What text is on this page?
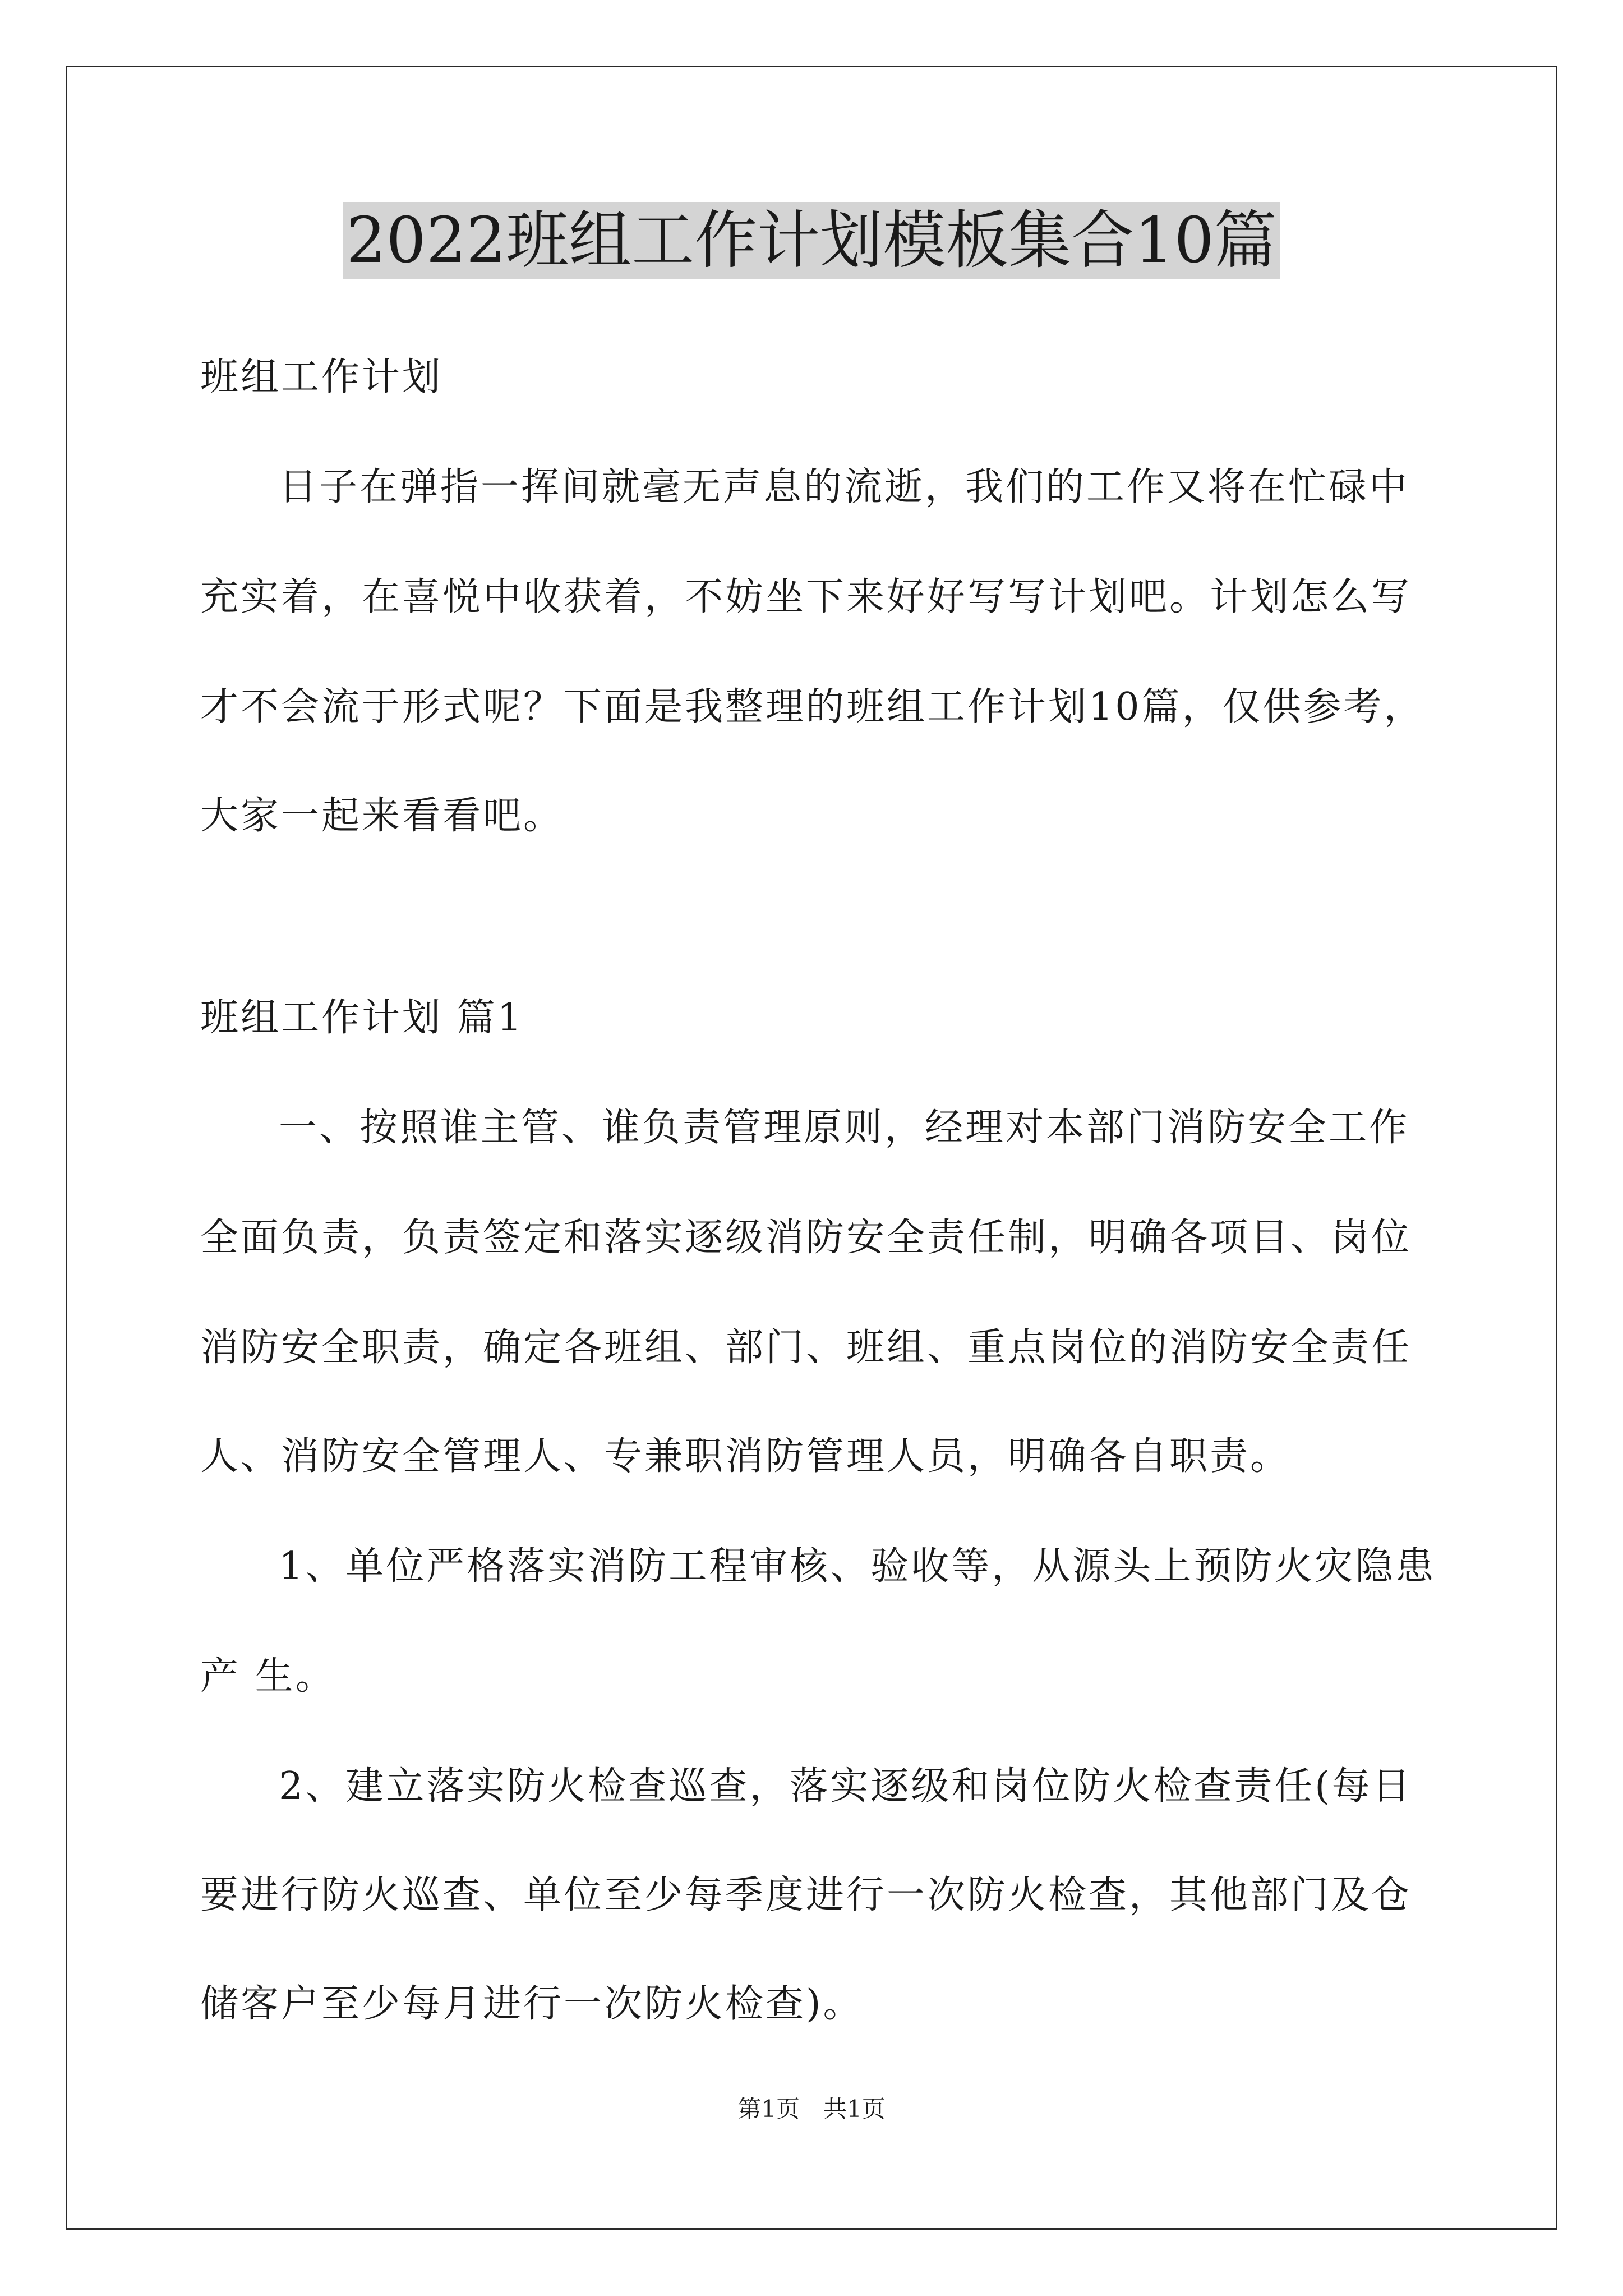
2022班组工作计划模板集合10篇
班组工作计划
日子在弹指一挥间就毫无声息的流逝，我们的工作又将在忙碌中
充实着，在喜悦中收获着，不妨坐下来好好写写计划吧。计划怎么写
才不会流于形式呢？下面是我整理的班组工作计划10篇，仅供参考，
大家一起来看看吧。
班组工作计划 篇1
一、按照谁主管、谁负责管理原则，经理对本部门消防安全工作
全面负责，负责签定和落实逐级消防安全责任制，明确各项目、岗位
消防安全职责，确定各班组、部门、班组、重点岗位的消防安全责任
人、消防安全管理人、专兼职消防管理人员，明确各自职责。
1、单位严格落实消防工程审核、验收等，从源头上预防火灾隐患
产 生。
2、建立落实防火检查巡查，落实逐级和岗位防火检查责任(每日
要进行防火巡查、单位至少每季度进行一次防火检查，其他部门及仓
储客户至少每月进行一次防火检查)。
第1页　共1页
